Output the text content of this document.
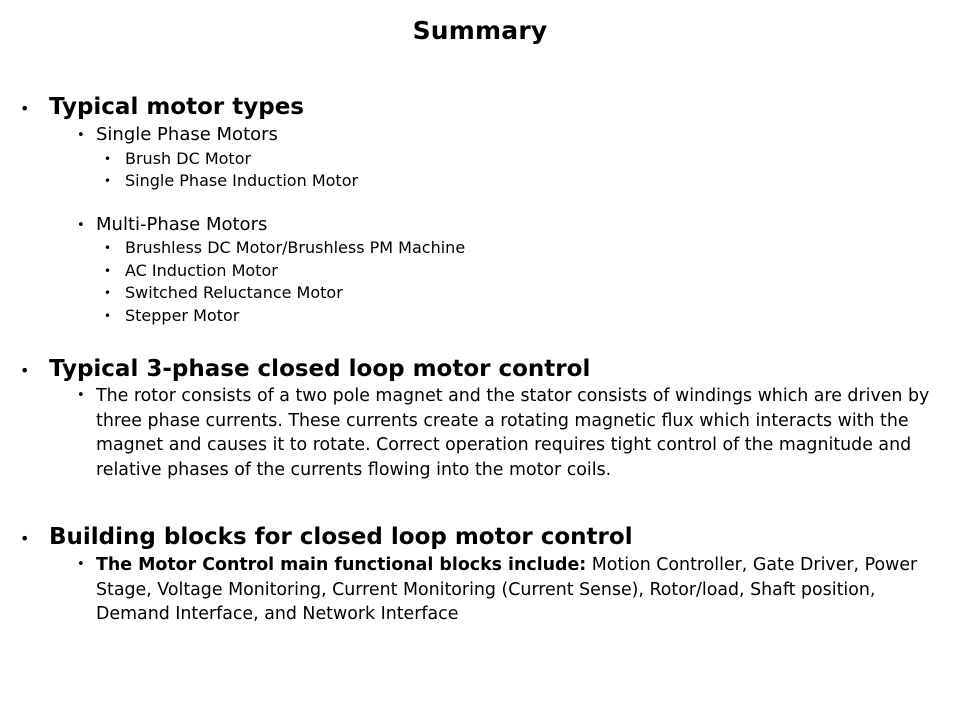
Summary
• Typical motor types
• Single Phase Motors
• Brush DC Motor
• Single Phase Induction Motor
• Multi-Phase Motors
• Brushless DC Motor/Brushless PM Machine
• AC Induction Motor
• Switched Reluctance Motor
• Stepper Motor
• Typical 3-phase closed loop motor control
• The rotor consists of a two pole magnet and the stator consists of windings which are driven by three phase currents. These currents create a rotating magnetic flux which interacts with the magnet and causes it to rotate. Correct operation requires tight control of the magnitude and relative phases of the currents flowing into the motor coils.
• Building blocks for closed loop motor control
• The Motor Control main functional blocks include: Motion Controller, Gate Driver, Power Stage, Voltage Monitoring, Current Monitoring (Current Sense), Rotor/load, Shaft position, Demand Interface, and Network Interface
